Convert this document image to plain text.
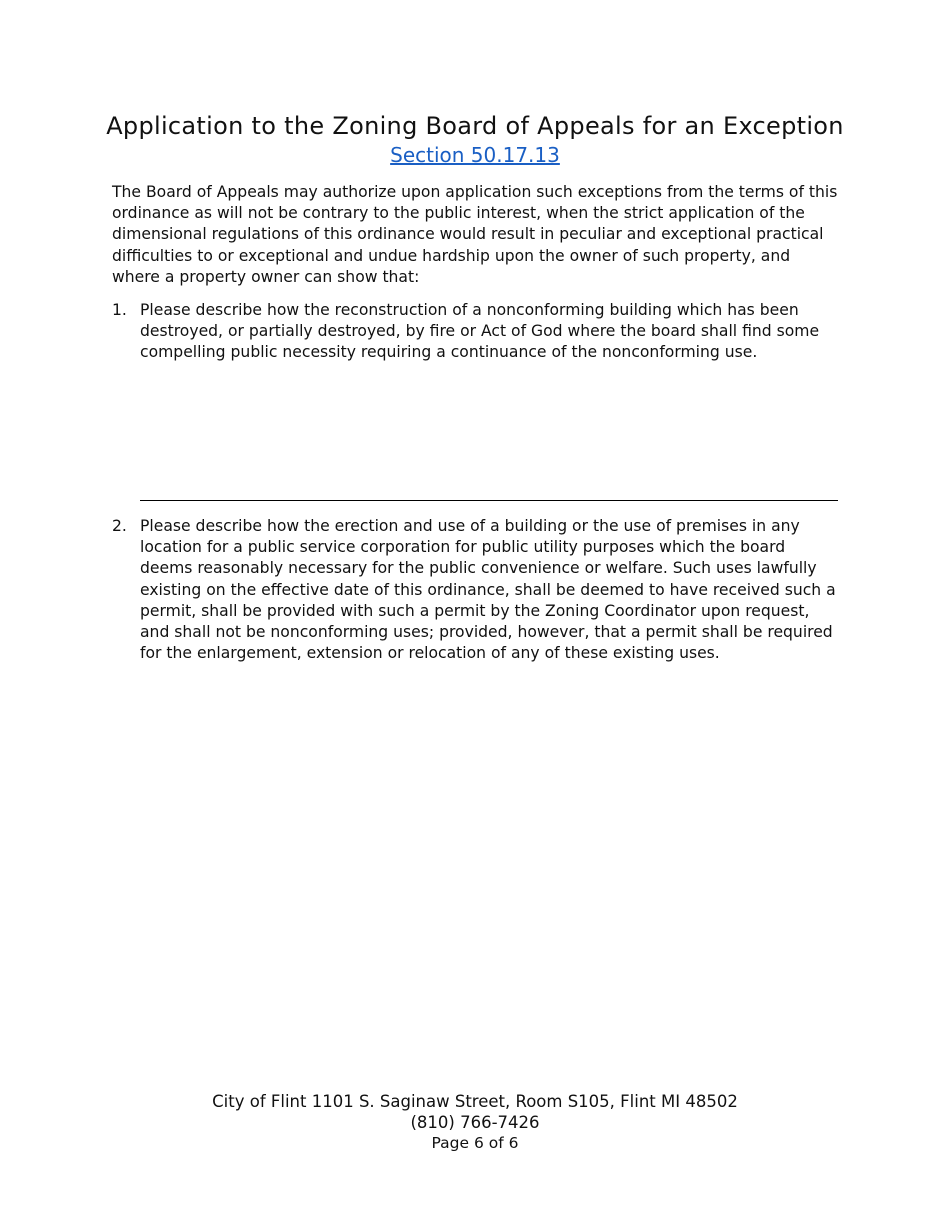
Application to the Zoning Board of Appeals for an Exception
Section 50.17.13

The Board of Appeals may authorize upon application such exceptions from the terms of this ordinance as will not be contrary to the public interest, when the strict application of the dimensional regulations of this ordinance would result in peculiar and exceptional practical difficulties to or exceptional and undue hardship upon the owner of such property, and where a property owner can show that:

1. Please describe how the reconstruction of a nonconforming building which has been destroyed, or partially destroyed, by fire or Act of God where the board shall find some compelling public necessity requiring a continuance of the nonconforming use.
2. Please describe how the erection and use of a building or the use of premises in any location for a public service corporation for public utility purposes which the board deems reasonably necessary for the public convenience or welfare. Such uses lawfully existing on the effective date of this ordinance, shall be deemed to have received such a permit, shall be provided with such a permit by the Zoning Coordinator upon request, and shall not be nonconforming uses; provided, however, that a permit shall be required for the enlargement, extension or relocation of any of these existing uses.
City of Flint 1101 S. Saginaw Street, Room S105, Flint MI 48502
(810) 766-7426
Page 6 of 6
